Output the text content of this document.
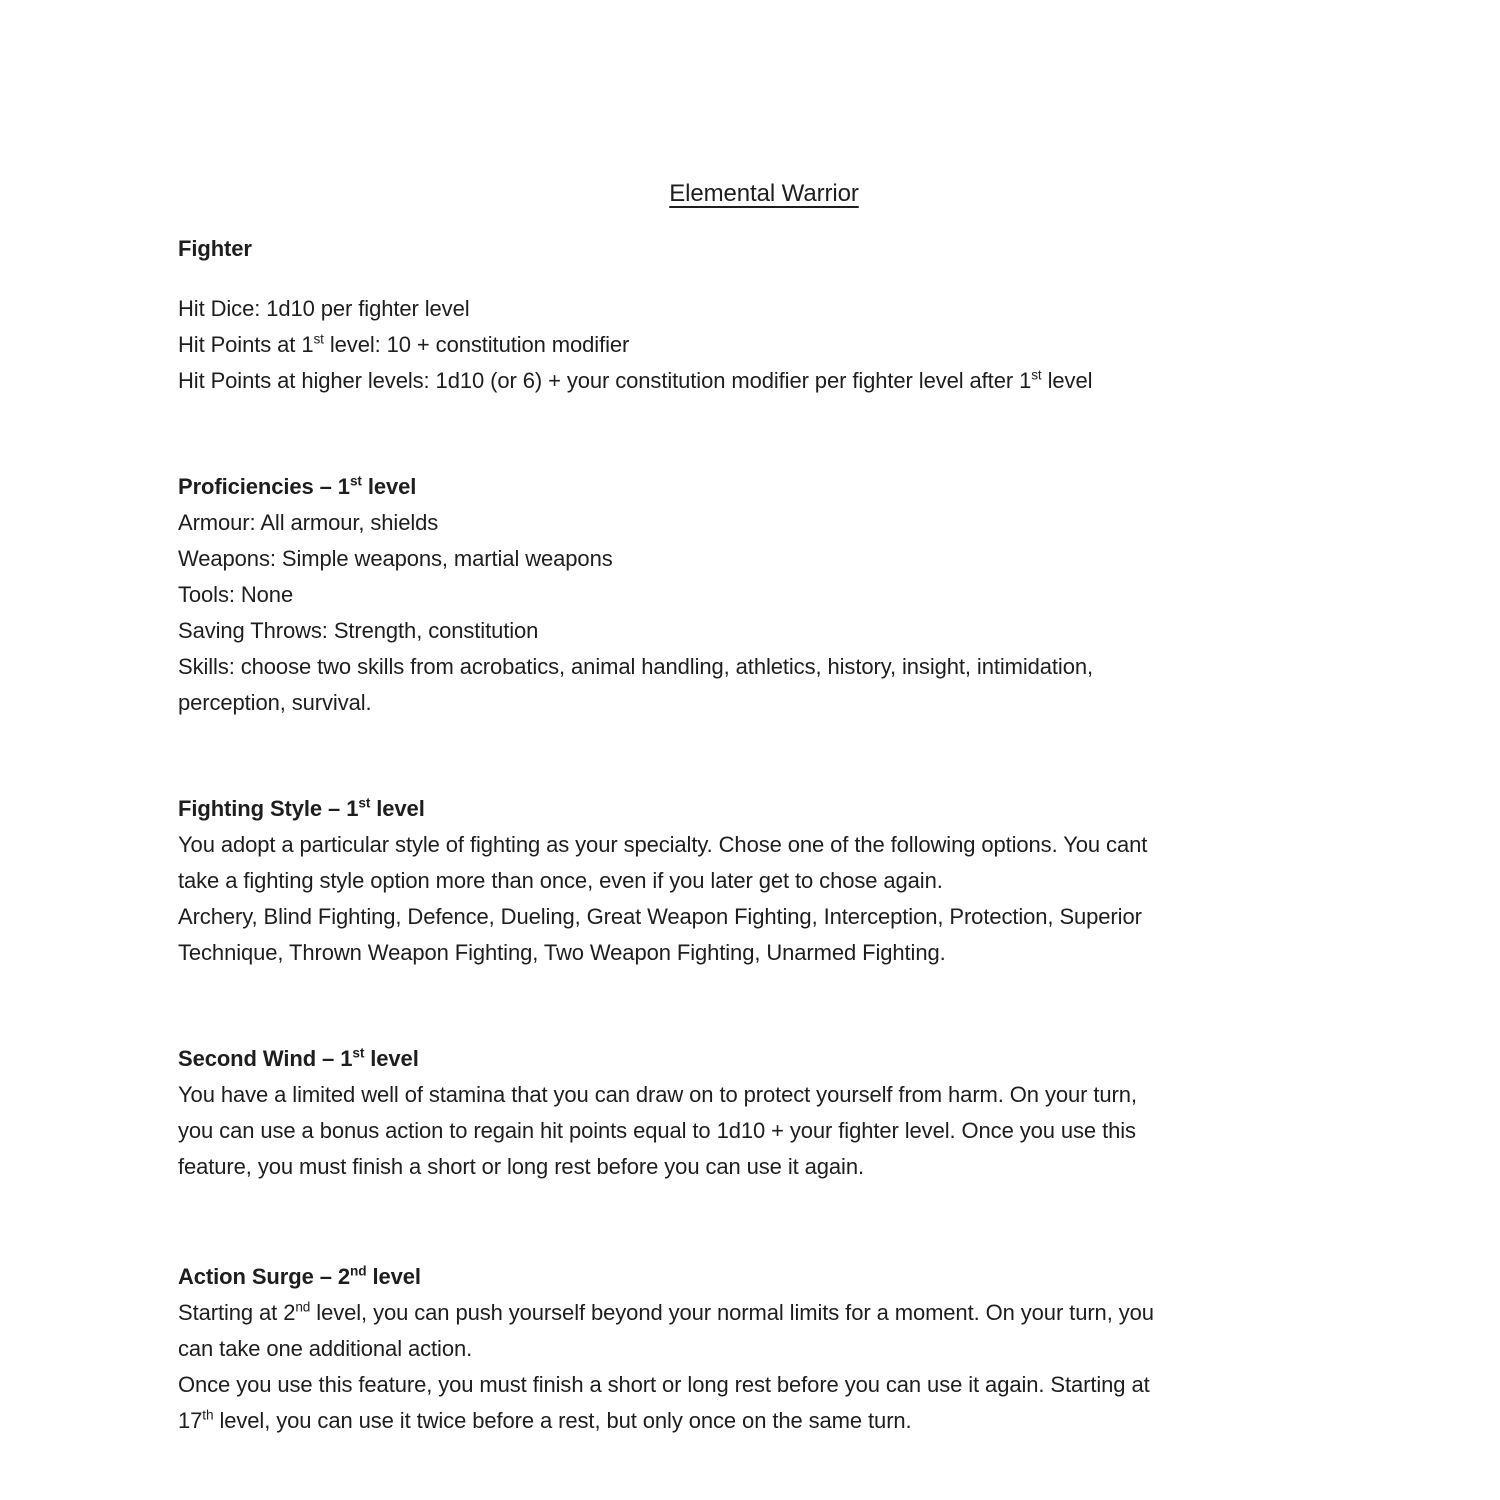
Elemental Warrior
Fighter
Hit Dice: 1d10 per fighter level
Hit Points at 1st level: 10 + constitution modifier
Hit Points at higher levels: 1d10 (or 6) + your constitution modifier per fighter level after 1st level
Proficiencies – 1st level
Armour: All armour, shields
Weapons: Simple weapons, martial weapons
Tools: None
Saving Throws: Strength, constitution
Skills: choose two skills from acrobatics, animal handling, athletics, history, insight, intimidation,
perception, survival.
Fighting Style – 1st level
You adopt a particular style of fighting as your specialty. Chose one of the following options. You cant
take a fighting style option more than once, even if you later get to chose again.
Archery, Blind Fighting, Defence, Dueling, Great Weapon Fighting, Interception, Protection, Superior
Technique, Thrown Weapon Fighting, Two Weapon Fighting, Unarmed Fighting.
Second Wind – 1st level
You have a limited well of stamina that you can draw on to protect yourself from harm. On your turn,
you can use a bonus action to regain hit points equal to 1d10 + your fighter level. Once you use this
feature, you must finish a short or long rest before you can use it again.
Action Surge – 2nd level
Starting at 2nd level, you can push yourself beyond your normal limits for a moment. On your turn, you
can take one additional action.
Once you use this feature, you must finish a short or long rest before you can use it again. Starting at
17th level, you can use it twice before a rest, but only once on the same turn.
